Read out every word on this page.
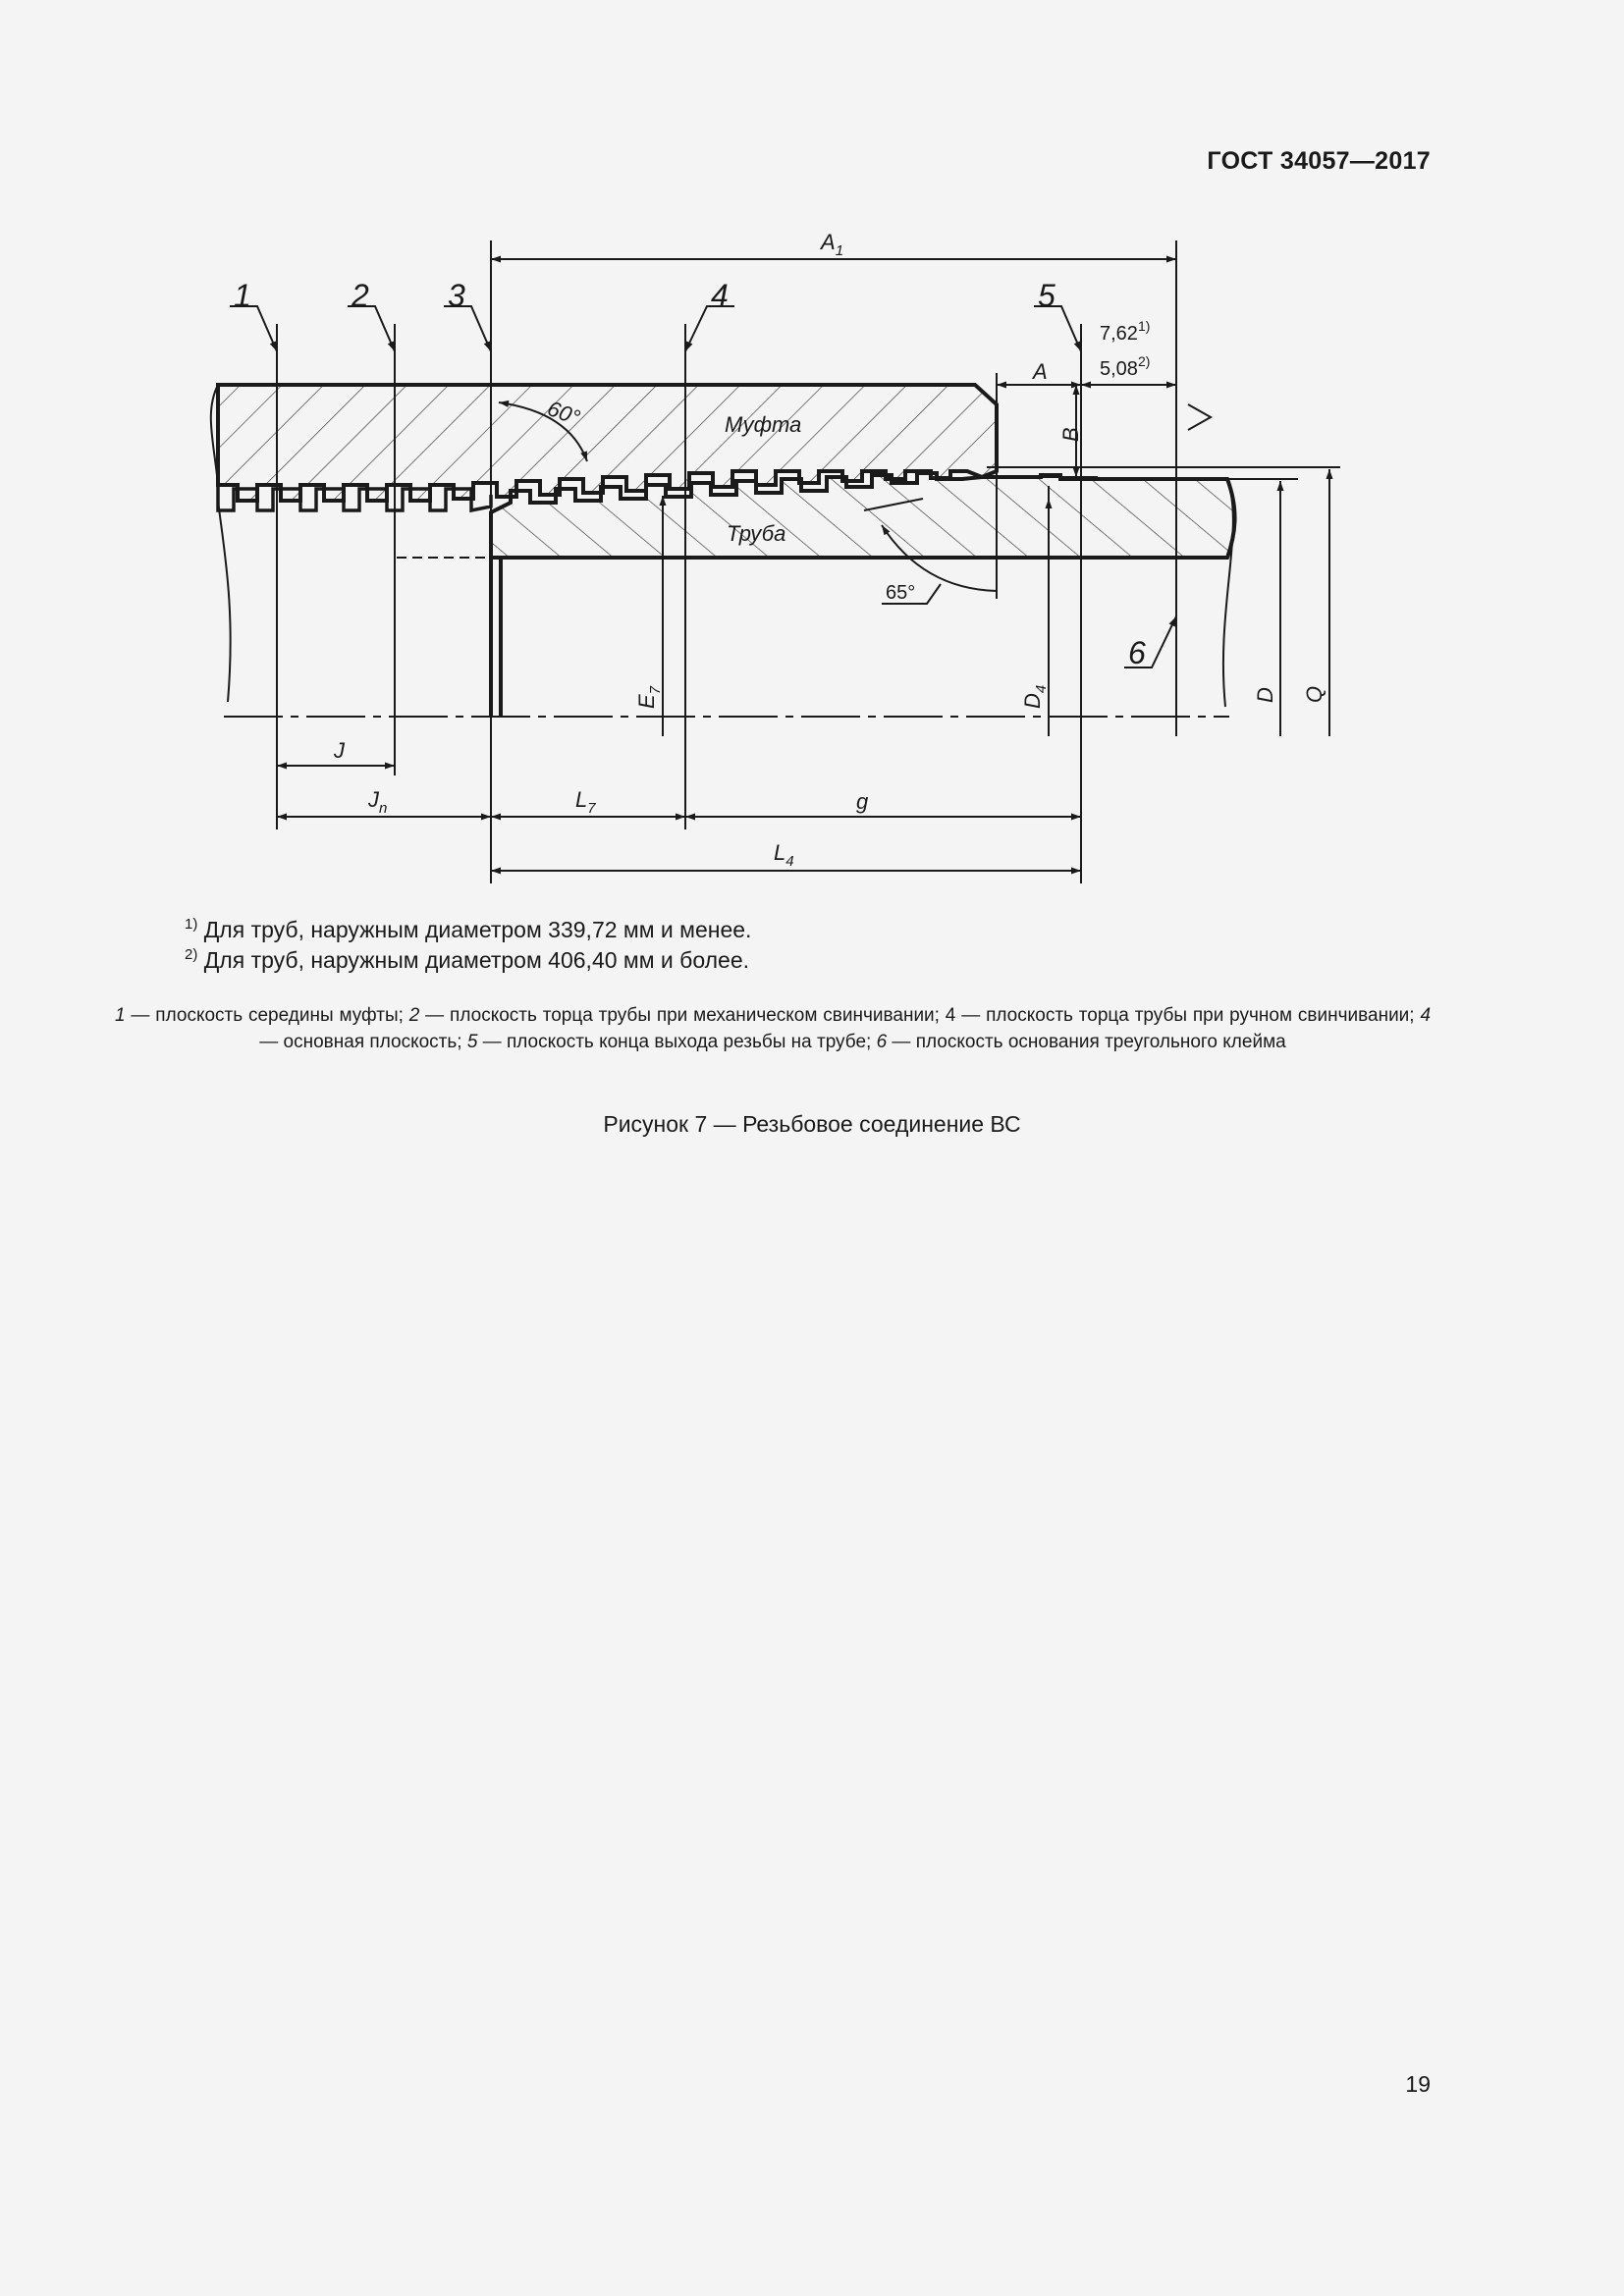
ГОСТ 34057—2017
1	2	3	4	5
6
Муфта
Труба
60°
65°
$A_1$
A
7,62$^{1)}$
5,08$^{2)}$
B
J
$J_n$	$L_7$	g
$L_4$
$E_7$
$D_4$	D Q
$^{1)}$ Для труб, наружным диаметром 339,72 мм и менее.
$^{2)}$ Для труб, наружным диаметром 406,40 мм и более.
1 — плоскость середины муфты; 2 — плоскость торца трубы при механическом свинчивании; 4 — плоскость торца трубы при ручном свинчивании; 4 — основная плоскость; 5 — плоскость конца выхода резьбы на трубе; 6 — плоскость основания треугольного клейма
Рисунок 7 — Резьбовое соединение ВС
19
